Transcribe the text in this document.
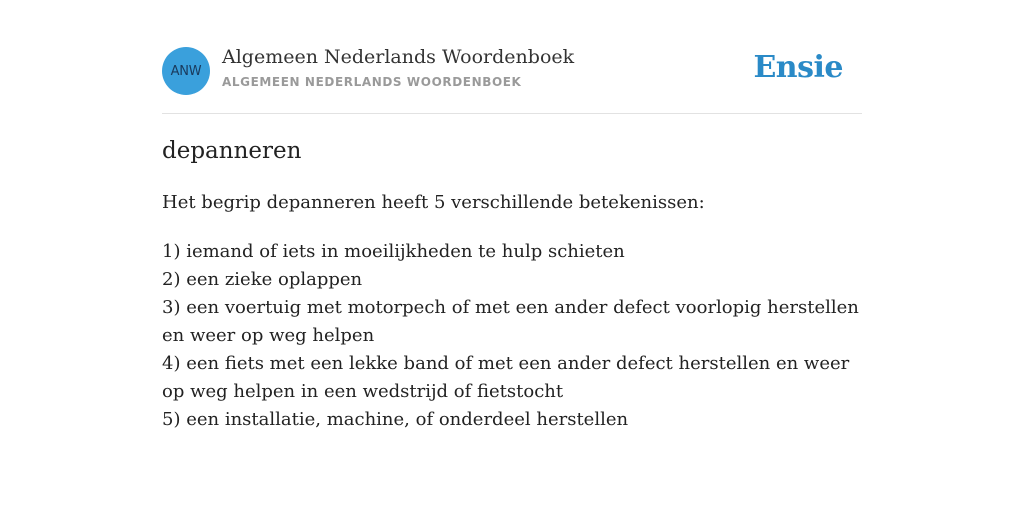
ANW
Algemeen Nederlands Woordenboek
ALGEMEEN NEDERLANDS WOORDENBOEK	Ensie
depanneren

Het begrip depanneren heeft 5 verschillende betekenissen:

1) iemand of iets in moeilijkheden te hulp schieten
2) een zieke oplappen
3) een voertuig met motorpech of met een ander defect voorlopig herstellen en weer op weg helpen
4) een fiets met een lekke band of met een ander defect herstellen en weer op weg helpen in een wedstrijd of fietstocht
5) een installatie, machine, of onderdeel herstellen
